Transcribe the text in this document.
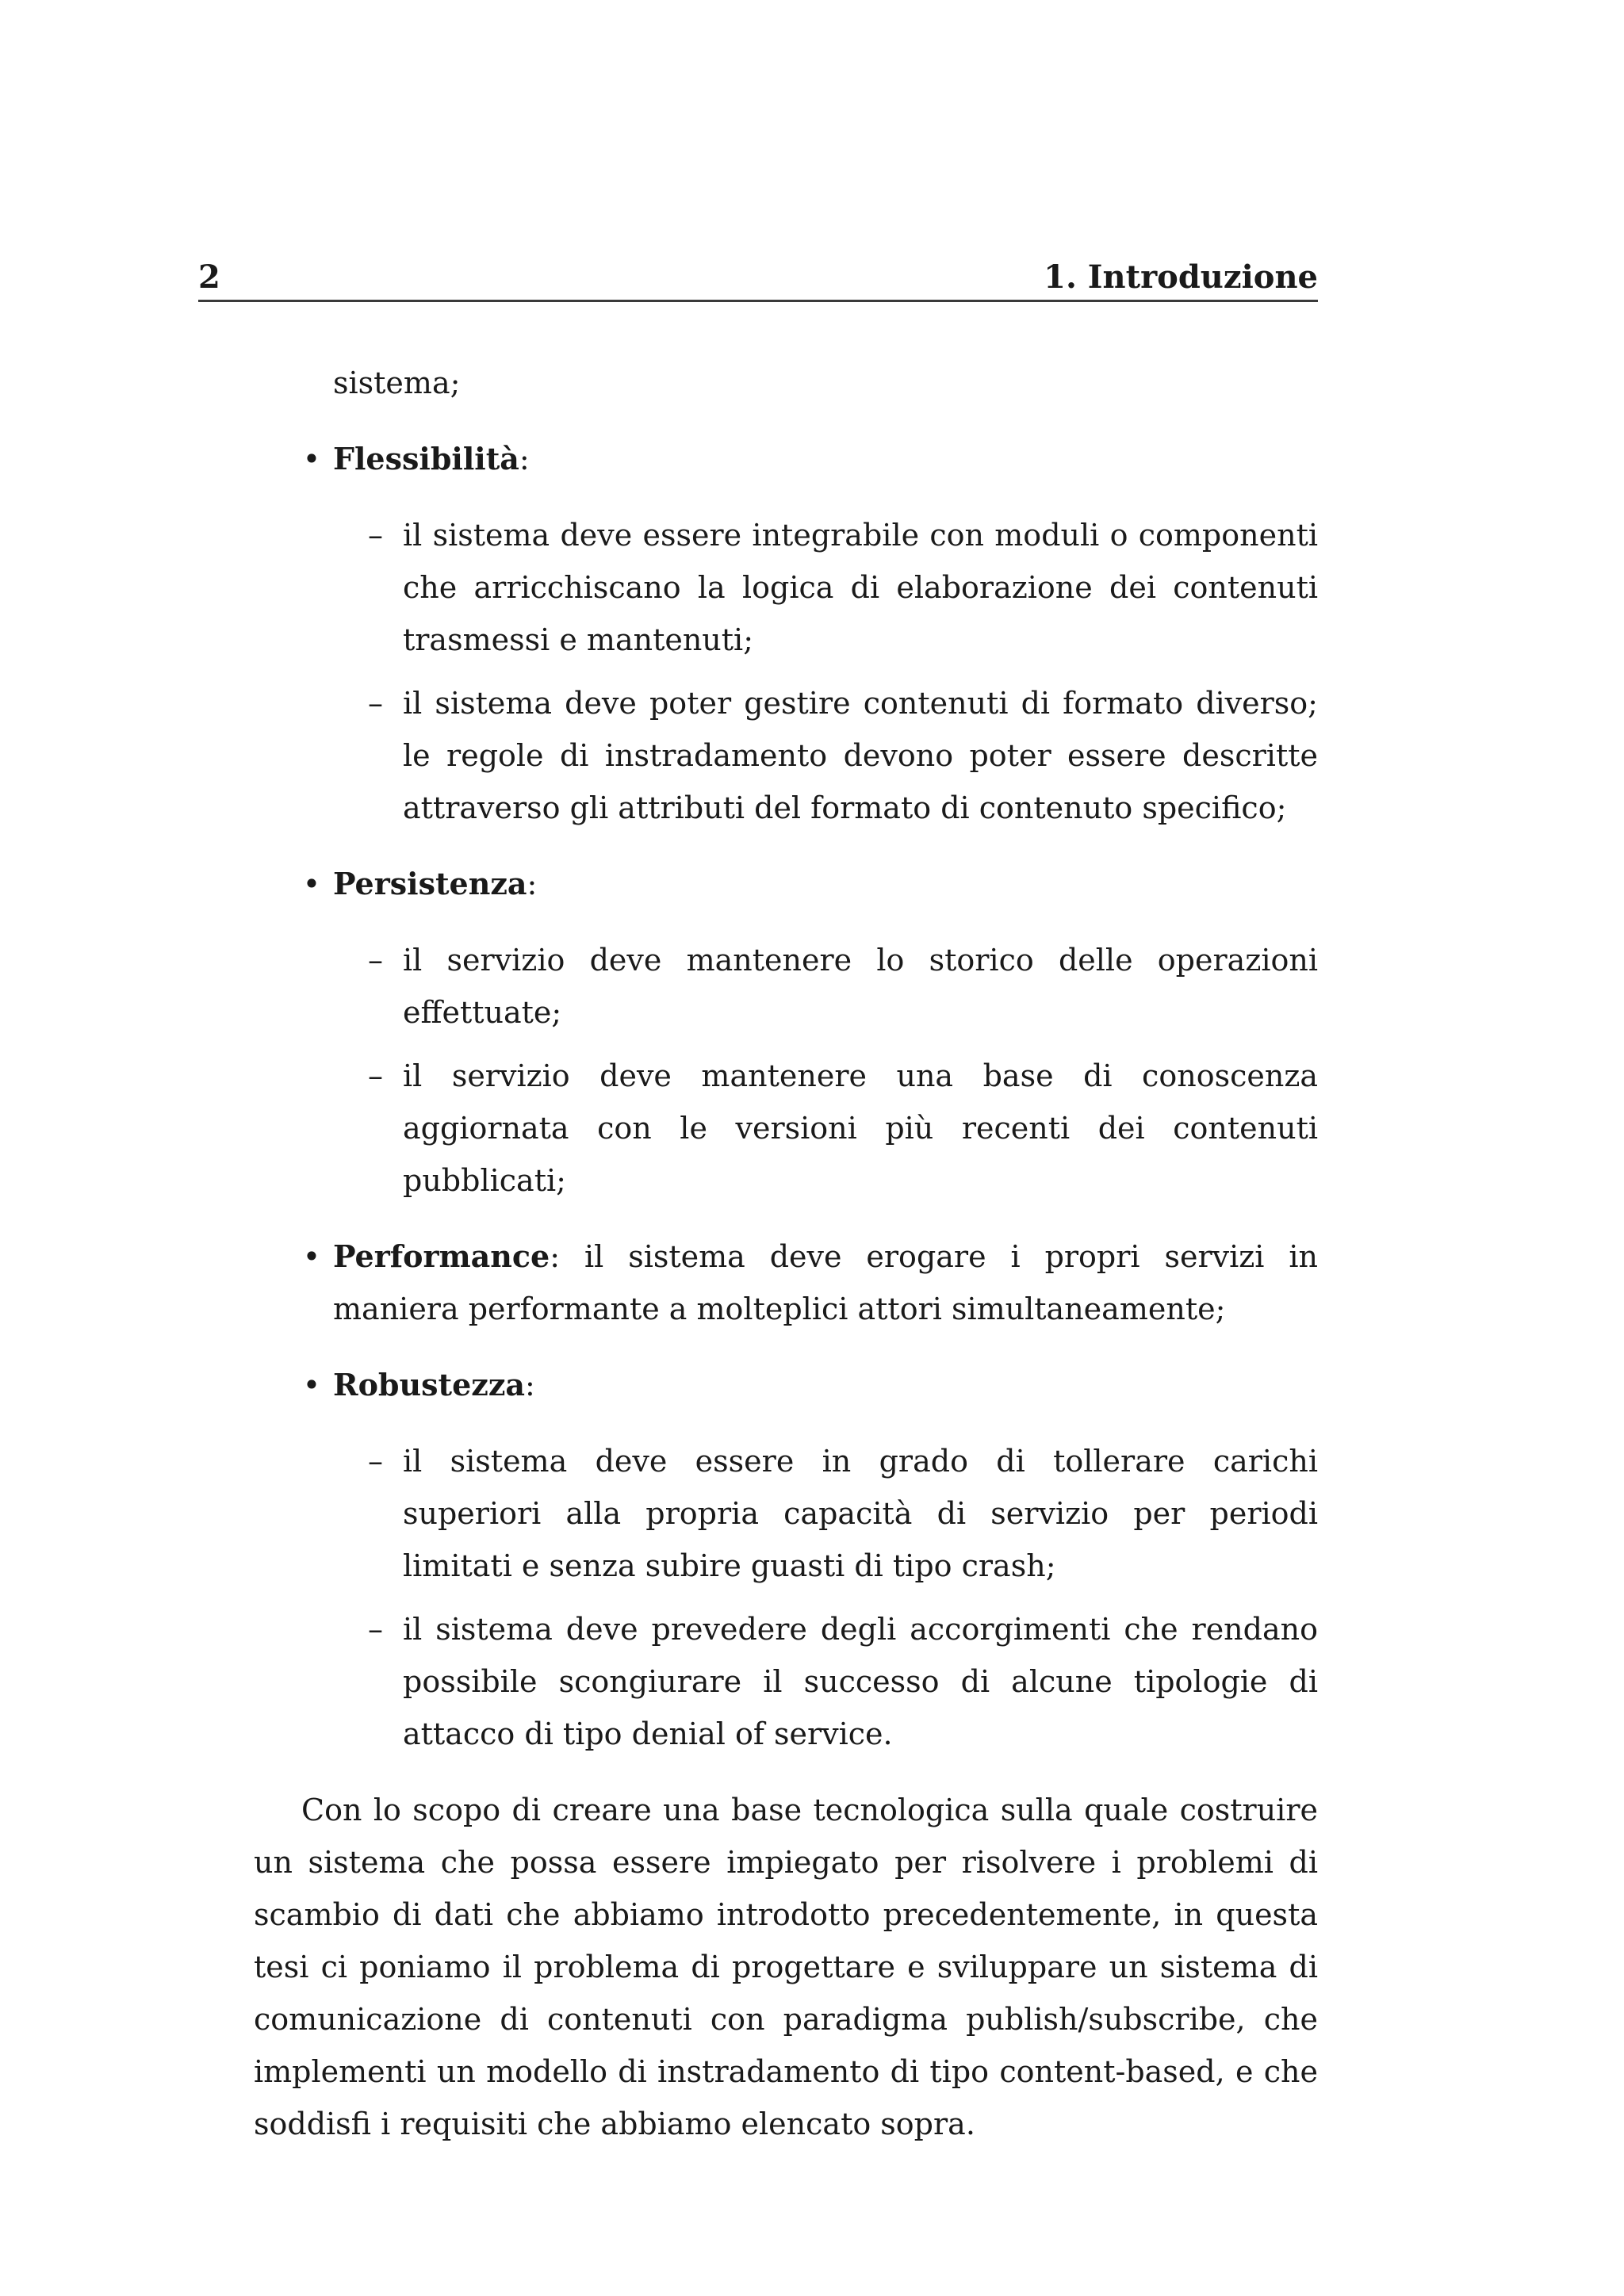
2	1. Introduzione
sistema;
• Flessibilità:
– il sistema deve essere integrabile con moduli o componenti che arricchiscano la logica di elaborazione dei contenuti trasmessi e mantenuti;
– il sistema deve poter gestire contenuti di formato diverso; le regole di instradamento devono poter essere descritte attraverso gli attributi del formato di contenuto specifico;
• Persistenza:
– il servizio deve mantenere lo storico delle operazioni effettuate;
– il servizio deve mantenere una base di conoscenza aggiornata con le versioni più recenti dei contenuti pubblicati;
• Performance: il sistema deve erogare i propri servizi in maniera performante a molteplici attori simultaneamente;
• Robustezza:
– il sistema deve essere in grado di tollerare carichi superiori alla propria capacità di servizio per periodi limitati e senza subire guasti di tipo crash;
– il sistema deve prevedere degli accorgimenti che rendano possibile scongiurare il successo di alcune tipologie di attacco di tipo denial of service.

Con lo scopo di creare una base tecnologica sulla quale costruire un sistema che possa essere impiegato per risolvere i problemi di scambio di dati che abbiamo introdotto precedentemente, in questa tesi ci poniamo il problema di progettare e sviluppare un sistema di comunicazione di contenuti con paradigma publish/subscribe, che implementi un modello di instradamento di tipo content-based, e che soddisfi i requisiti che abbiamo elencato sopra.
